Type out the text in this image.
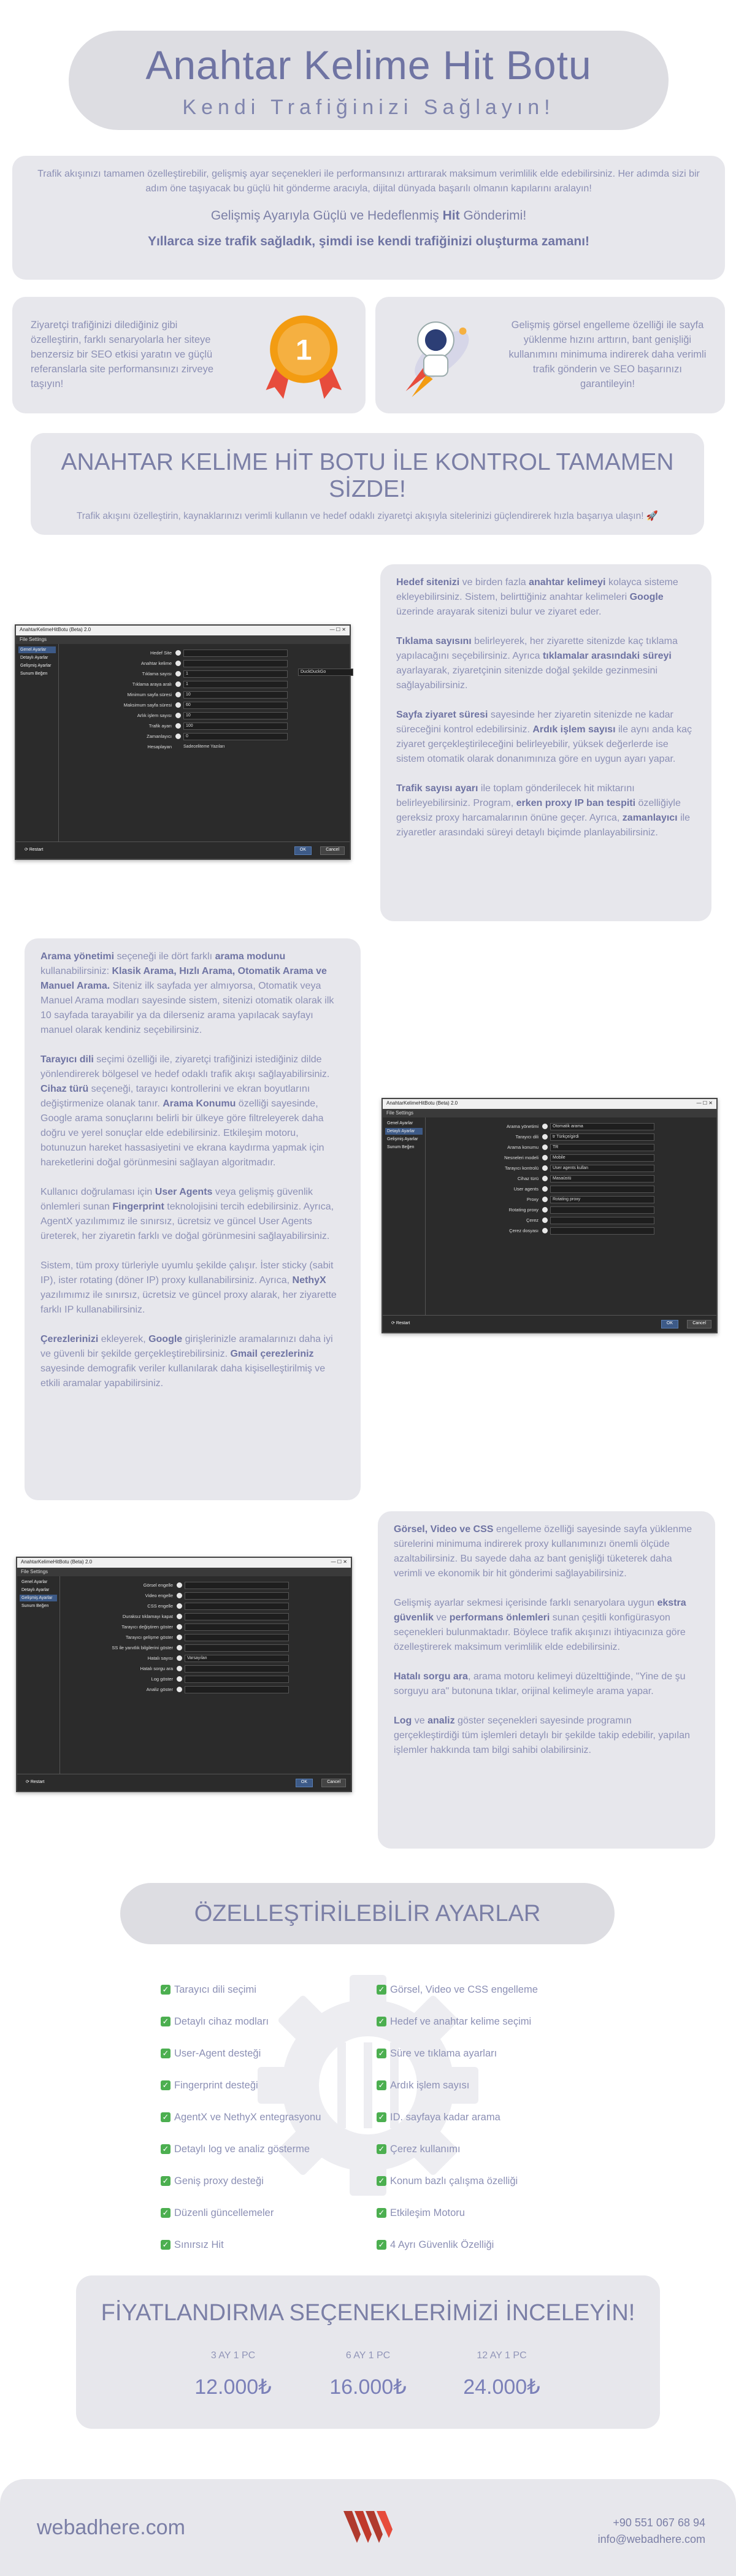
Anahtar Kelime Hit Botu
Kendi Trafiğinizi Sağlayın!

Trafik akışınızı tamamen özelleştirebilir, gelişmiş ayar seçenekleri ile performansınızı arttırarak maksimum verimlilik elde edebilirsiniz. Her adımda sizi bir adım öne taşıyacak bu güçlü hit gönderme aracıyla, dijital dünyada başarılı olmanın kapılarını aralayın!

Gelişmiş Ayarıyla Güçlü ve Hedeflenmiş Hit Gönderimi!

Yıllarca size trafik sağladık, şimdi ise kendi trafiğinizi oluşturma zamanı!

Ziyaretçi trafiğinizi dilediğiniz gibi özelleştirin, farklı senaryolarla her siteye benzersiz bir SEO etkisi yaratın ve güçlü referanslarla site performansınızı zirveye taşıyın!

1

Gelişmiş görsel engelleme özelliği ile sayfa yüklenme hızını arttırın, bant genişliği kullanımını minimuma indirerek daha verimli trafik gönderin ve SEO başarınızı garantileyin!

ANAHTAR KELİME HİT BOTU İLE KONTROL TAMAMEN SİZDE!
Trafik akışını özelleştirin, kaynaklarınızı verimli kullanın ve hedef odaklı ziyaretçi akışıyla sitelerinizi güçlendirerek hızla başarıya ulaşın! 🚀
AnahtarKelimeHitBotu (Beta) 2.0	— ☐ ✕
File Settings
Genel Ayarlar
Detaylı Ayarlar
Gelişmiş Ayarlar
Sunum Beğen
Hedef Site
Anahtar kelime
Tıklama sayısı	1
Tıklama araya aralı	1
Minimum sayfa süresi	10
Maksimum sayfa süresi	60
Arlık işlem sayısı	10
Trafik ayarı	100
Zamanlayıcı	0
DuckDuckGo
Hesaplayan	Sadeceliteme Yazıları
⟳ Restart	OK	Cancel

Hedef sitenizi ve birden fazla anahtar kelimeyi kolayca sisteme ekleyebilirsiniz. Sistem, belirttiğiniz anahtar kelimeleri Google üzerinde arayarak sitenizi bulur ve ziyaret eder.

Tıklama sayısını belirleyerek, her ziyarette sitenizde kaç tıklama yapılacağını seçebilirsiniz. Ayrıca tıklamalar arasındaki süreyi ayarlayarak, ziyaretçinin sitenizde doğal şekilde gezinmesini sağlayabilirsiniz.

Sayfa ziyaret süresi sayesinde her ziyaretin sitenizde ne kadar süreceğini kontrol edebilirsiniz. Ardık işlem sayısı ile aynı anda kaç ziyaret gerçekleştirileceğini belirleyebilir, yüksek değerlerde ise sistem otomatik olarak donanımınıza göre en uygun ayarı yapar.

Trafik sayısı ayarı ile toplam gönderilecek hit miktarını belirleyebilirsiniz. Program, erken proxy IP ban tespiti özelliğiyle gereksiz proxy harcamalarının önüne geçer. Ayrıca, zamanlayıcı ile ziyaretler arasındaki süreyi detaylı biçimde planlayabilirsiniz.

Arama yönetimi seçeneği ile dört farklı arama modunu kullanabilirsiniz: Klasik Arama, Hızlı Arama, Otomatik Arama ve Manuel Arama. Siteniz ilk sayfada yer almıyorsa, Otomatik veya Manuel Arama modları sayesinde sistem, sitenizi otomatik olarak ilk 10 sayfada tarayabilir ya da dilerseniz arama yapılacak sayfayı manuel olarak kendiniz seçebilirsiniz.

Tarayıcı dili seçimi özelliği ile, ziyaretçi trafiğinizi istediğiniz dilde yönlendirerek bölgesel ve hedef odaklı trafik akışı sağlayabilirsiniz. Cihaz türü seçeneği, tarayıcı kontrollerini ve ekran boyutlarını değiştirmenize olanak tanır. Arama Konumu özelliği sayesinde, Google arama sonuçlarını belirli bir ülkeye göre filtreleyerek daha doğru ve yerel sonuçlar elde edebilirsiniz. Etkileşim motoru, botunuzun hareket hassasiyetini ve ekrana kaydırma yapmak için hareketlerini doğal görünmesini sağlayan algoritmadır.

Kullanıcı doğrulaması için User Agents veya gelişmiş güvenlik önlemleri sunan Fingerprint teknolojisini tercih edebilirsiniz. Ayrıca, AgentX yazılımımız ile sınırsız, ücretsiz ve güncel User Agents üreterek, her ziyaretin farklı ve doğal görünmesini sağlayabilirsiniz.

Sistem, tüm proxy türleriyle uyumlu şekilde çalışır. İster sticky (sabit IP), ister rotating (döner IP) proxy kullanabilirsiniz. Ayrıca, NethyX yazılımımız ile sınırsız, ücretsiz ve güncel proxy alarak, her ziyarette farklı IP kullanabilirsiniz.

Çerezlerinizi ekleyerek, Google girişlerinizle aramalarınızı daha iyi ve güvenli bir şekilde gerçekleştirebilirsiniz. Gmail çerezleriniz sayesinde demografik veriler kullanılarak daha kişiselleştirilmiş ve etkili aramalar yapabilirsiniz.

AnahtarKelimeHitBotu (Beta) 2.0	— ☐ ✕
File Settings
Genel Ayarlar
Detaylı Ayarlar
Gelişmiş Ayarlar
Sunum Beğen
Arama yönetimi	Otomatik arama
Tarayıcı dili	tr Türkçe/girdi
Arama konumu	TR
Nesneleri modeli	Mobile
Tarayıcı kontrolü	User agents kullan
Cihaz türü	Masaüstü
User agents
Proxy	Rotating proxy
Rotating proxy
Çerez
Çerez dosyası
⟳ Restart	OK	Cancel
AnahtarKelimeHitBotu (Beta) 2.0	— ☐ ✕
File Settings
Genel Ayarlar
Detaylı Ayarlar
Gelişmiş Ayarlar
Sunum Beğen
Görsel engelle
Video engelle
CSS engelle
Duraksız tıklamayı kapat
Tarayıcı değiştiren göster
Tarayıcı gelişme göster
SS ile yanıtlık bilgilerini göster
Hatalı sayısı	Varsayılan
Hatalı sorgu ara
Log göster
Analiz göster
⟳ Restart	OK	Cancel

Görsel, Video ve CSS engelleme özelliği sayesinde sayfa yüklenme sürelerini minimuma indirerek proxy kullanımınızı önemli ölçüde azaltabilirsiniz. Bu sayede daha az bant genişliği tüketerek daha verimli ve ekonomik bir hit gönderimi sağlayabilirsiniz.

Gelişmiş ayarlar sekmesi içerisinde farklı senaryolara uygun ekstra güvenlik ve performans önlemleri sunan çeşitli konfigürasyon seçenekleri bulunmaktadır. Böylece trafik akışınızı ihtiyacınıza göre özelleştirerek maksimum verimlilik elde edebilirsiniz.

Hatalı sorgu ara, arama motoru kelimeyi düzelttiğinde, "Yine de şu sorguyu ara" butonuna tıklar, orijinal kelimeyle arama yapar.

Log ve analiz göster seçenekleri sayesinde programın gerçekleştirdiği tüm işlemleri detaylı bir şekilde takip edebilir, yapılan işlemler hakkında tam bilgi sahibi olabilirsiniz.

ÖZELLEŞTİRİLEBİLİR AYARLAR
✓ Tarayıcı dili seçimi
✓ Detaylı cihaz modları
✓ User-Agent desteği
✓ Fingerprint desteği
✓ AgentX ve NethyX entegrasyonu
✓ Detaylı log ve analiz gösterme
✓ Geniş proxy desteği
✓ Düzenli güncellemeler
✓ Sınırsız Hit
✓ Görsel, Video ve CSS engelleme
✓ Hedef ve anahtar kelime seçimi
✓ Süre ve tıklama ayarları
✓ Ardık işlem sayısı
✓ ID. sayfaya kadar arama
✓ Çerez kullanımı
✓ Konum bazlı çalışma özelliği
✓ Etkileşim Motoru
✓ 4 Ayrı Güvenlik Özelliği
FİYATLANDIRMA SEÇENEKLERİMİZİ İNCELEYİN!
3 AY 1 PC
12.000₺
6 AY 1 PC
16.000₺
12 AY 1 PC
24.000₺
webadhere.com	+90 551 067 68 94
info@webadhere.com
